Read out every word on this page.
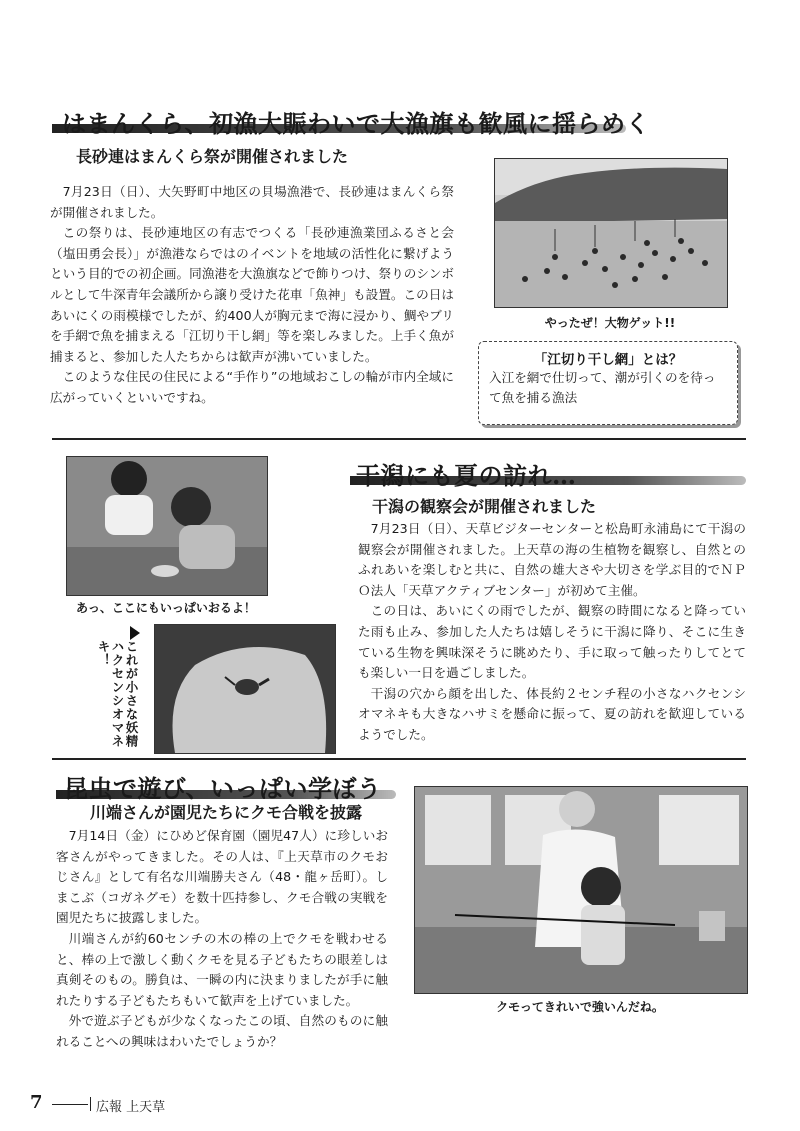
はまんくら、初漁大賑わいで大漁旗も歓風に揺らめく
長砂連はまんくら祭が開催されました

7月23日（日）、大矢野町中地区の貝場漁港で、長砂連はまんくら祭が開催されました。

この祭りは、長砂連地区の有志でつくる「長砂連漁業団ふるさと会（塩田勇会長）」が漁港ならではのイベントを地域の活性化に繋げようという目的での初企画。同漁港を大漁旗などで飾りつけ、祭りのシンボルとして牛深青年会議所から譲り受けた花車「魚神」も設置。この日はあいにくの雨模様でしたが、約400人が胸元まで海に浸かり、鯛やブリを手網で魚を捕まえる「江切り干し網」等を楽しみました。上手く魚が捕まると、参加した人たちからは歓声が沸いていました。

このような住民の住民による“手作り”の地域おこしの輪が市内全域に広がっていくといいですね。

やったぜ！大物ゲット!!
「江切り干し網」とは？
入江を網で仕切って、潮が引くのを待って魚を捕る漁法
あっ、ここにもいっぱいおるよ！
これが小さな妖精ハクセンシオマネキ！
干潟にも夏の訪れ…
干潟の観察会が開催されました

7月23日（日）、天草ビジターセンターと松島町永浦島にて干潟の観察会が開催されました。上天草の海の生植物を観察し、自然とのふれあいを楽しむと共に、自然の雄大さや大切さを学ぶ目的でＮＰＯ法人「天草アクティブセンター」が初めて主催。

この日は、あいにくの雨でしたが、観察の時間になると降っていた雨も止み、参加した人たちは嬉しそうに干潟に降り、そこに生きている生物を興味深そうに眺めたり、手に取って触ったりしてとても楽しい一日を過ごしました。

干潟の穴から顔を出した、体長約２センチ程の小さなハクセンシオマネキも大きなハサミを懸命に振って、夏の訪れを歓迎しているようでした。

昆虫で遊び、いっぱい学ぼう
川端さんが園児たちにクモ合戦を披露

7月14日（金）にひめど保育園（園児47人）に珍しいお客さんがやってきました。その人は、『上天草市のクモおじさん』として有名な川端勝夫さん（48・龍ヶ岳町）。しまこぶ（コガネグモ）を数十匹持参し、クモ合戦の実戦を園児たちに披露しました。

川端さんが約60センチの木の棒の上でクモを戦わせると、棒の上で激しく動くクモを見る子どもたちの眼差しは真剣そのもの。勝負は、一瞬の内に決まりましたが手に触れたりする子どもたちもいて歓声を上げていました。

外で遊ぶ子どもが少なくなったこの頃、自然のものに触れることへの興味はわいたでしょうか？

クモってきれいで強いんだね。
7	広報 上天草
